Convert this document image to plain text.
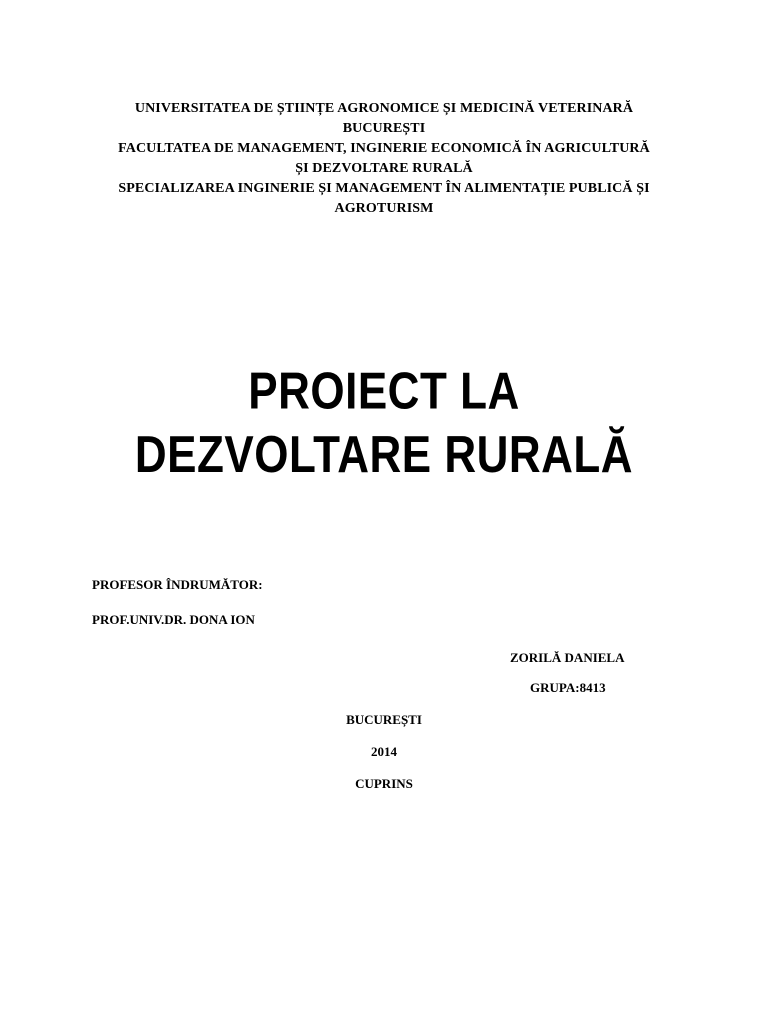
UNIVERSITATEA DE ȘTIINȚE AGRONOMICE ȘI MEDICINĂ VETERINARĂ
BUCUREȘTI
FACULTATEA DE MANAGEMENT, INGINERIE ECONOMICĂ ÎN AGRICULTURĂ
ȘI DEZVOLTARE RURALĂ
SPECIALIZAREA INGINERIE ȘI MANAGEMENT ÎN ALIMENTAȚIE PUBLICĂ ȘI
AGROTURISM
PROIECT LA
DEZVOLTARE RURALĂ
PROFESOR ÎNDRUMĂTOR:
PROF.UNIV.DR. DONA ION
ZORILĂ DANIELA
GRUPA:8413
BUCUREȘTI
2014
CUPRINS
